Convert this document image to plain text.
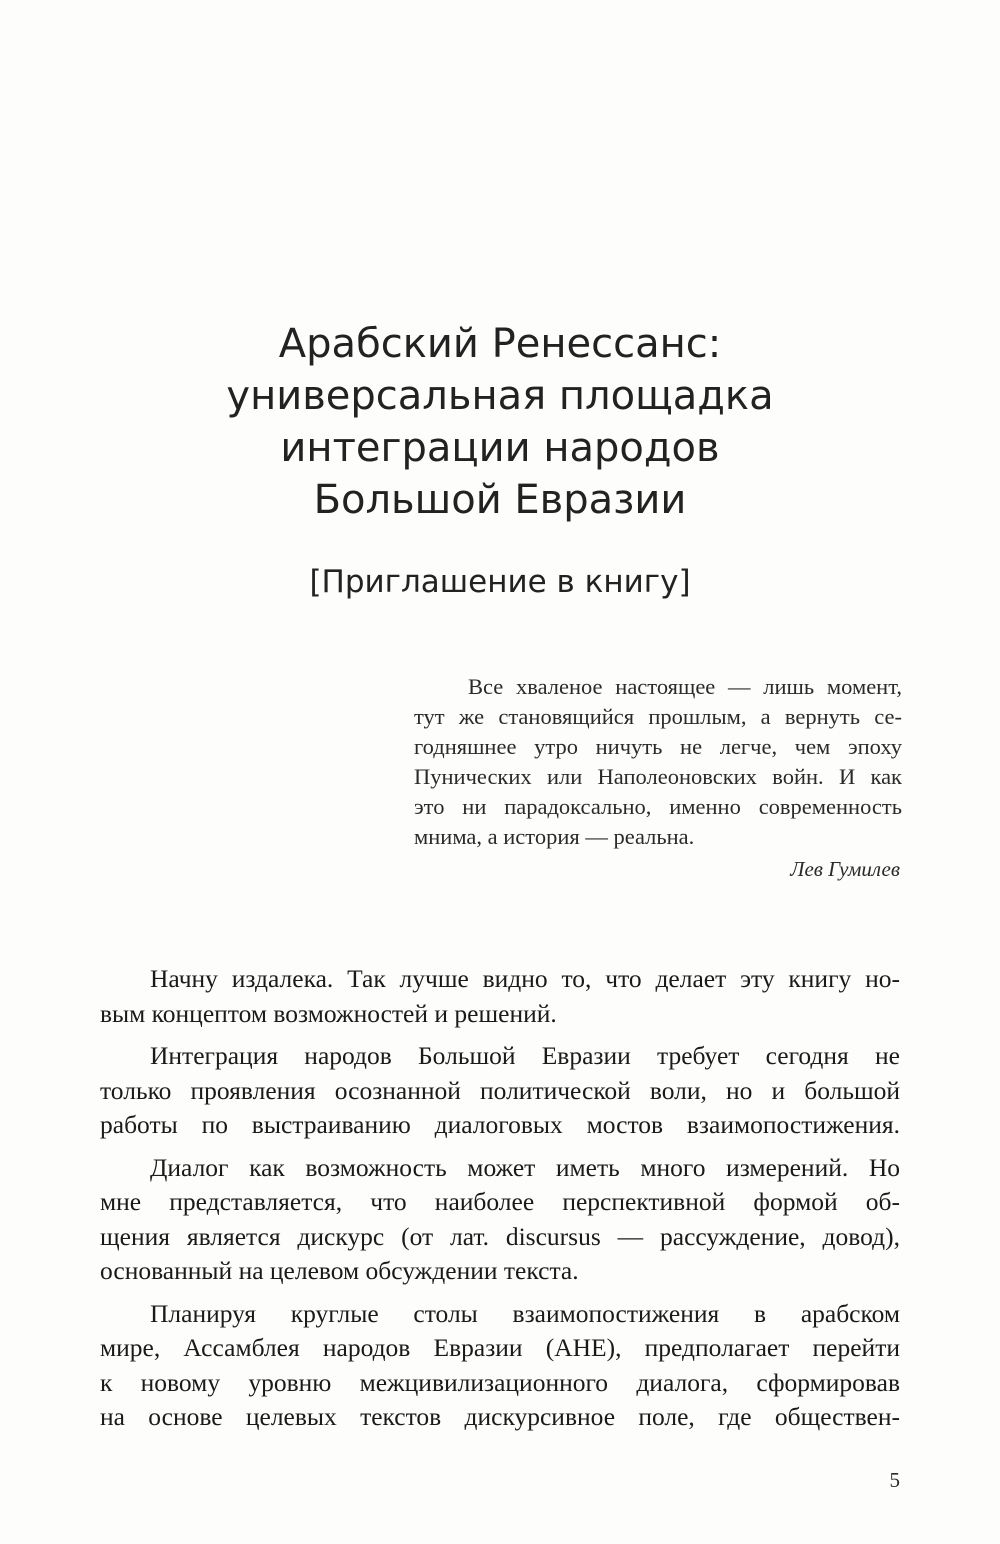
Арабский Ренессанс:
универсальная площадка
интеграции народов
Большой Евразии
[Приглашение в книгу]
Все хваленое настоящее — лишь момент,
тут же становящийся прошлым, а вернуть се-
годняшнее утро ничуть не легче, чем эпоху
Пунических или Наполеоновских войн. И как
это ни парадоксально, именно современность
мнима, а история — реальна.
Лев Гумилев
Начну издалека. Так лучше видно то, что делает эту книгу но-
вым концептом возможностей и решений.
Интеграция народов Большой Евразии требует сегодня не
только проявления осознанной политической воли, но и большой
работы по выстраиванию диалоговых мостов взаимопостижения.
Диалог как возможность может иметь много измерений. Но
мне представляется, что наиболее перспективной формой об-
щения является дискурс (от лат. discursus — рассуждение, довод),
основанный на целевом обсуждении текста.
Планируя круглые столы взаимопостижения в арабском
мире, Ассамблея народов Евразии (АНЕ), предполагает перейти
к новому уровню межцивилизационного диалога, сформировав
на основе целевых текстов дискурсивное поле, где обществен-
5
